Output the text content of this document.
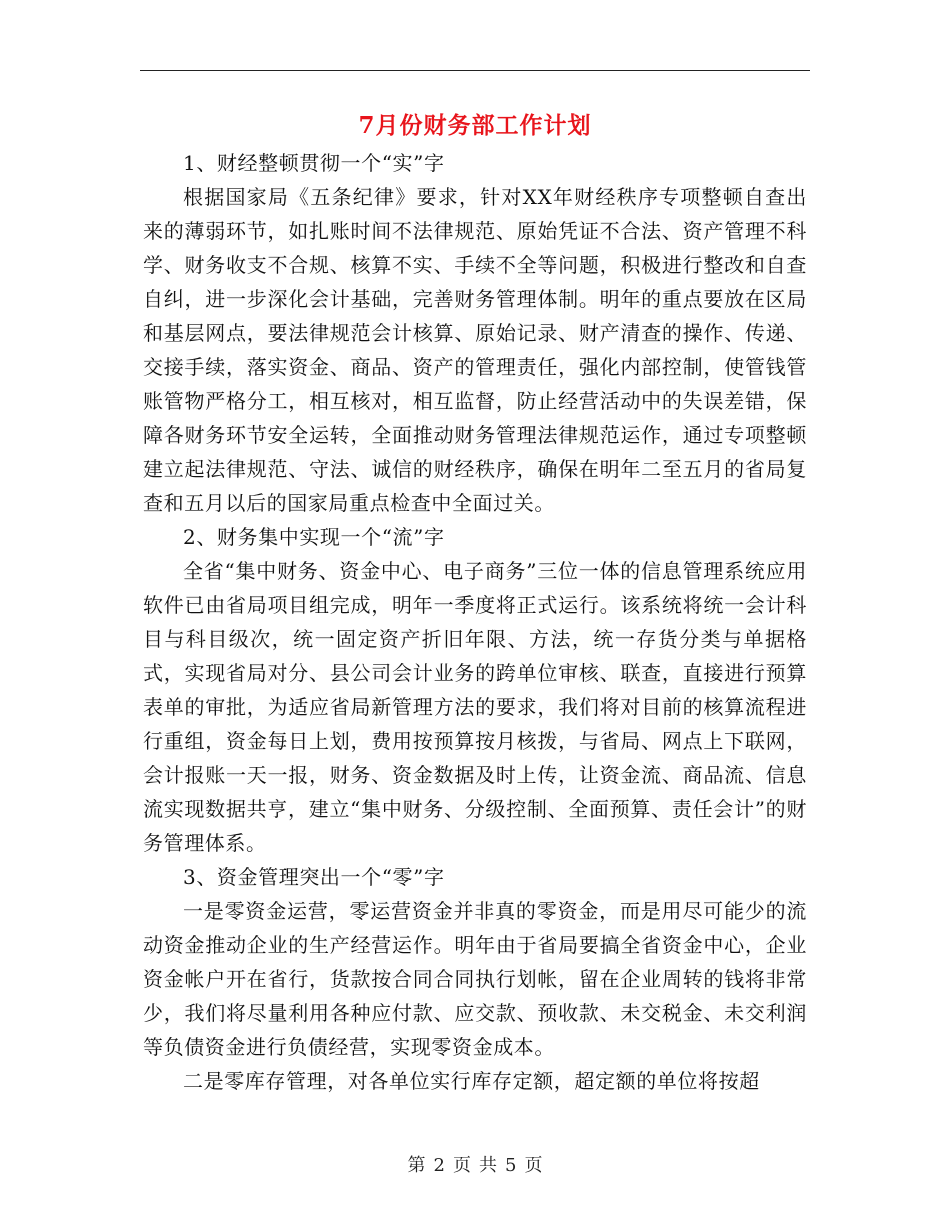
7月份财务部工作计划

1、财经整顿贯彻一个“实”字

根据国家局《五条纪律》要求，针对XX年财经秩序专项整顿自查出来的薄弱环节，如扎账时间不法律规范、原始凭证不合法、资产管理不科学、财务收支不合规、核算不实、手续不全等问题，积极进行整改和自查自纠，进一步深化会计基础，完善财务管理体制。明年的重点要放在区局和基层网点，要法律规范会计核算、原始记录、财产清查的操作、传递、交接手续，落实资金、商品、资产的管理责任，强化内部控制，使管钱管账管物严格分工，相互核对，相互监督，防止经营活动中的失误差错，保障各财务环节安全运转，全面推动财务管理法律规范运作，通过专项整顿建立起法律规范、守法、诚信的财经秩序，确保在明年二至五月的省局复查和五月以后的国家局重点检查中全面过关。

2、财务集中实现一个“流”字

全省“集中财务、资金中心、电子商务”三位一体的信息管理系统应用软件已由省局项目组完成，明年一季度将正式运行。该系统将统一会计科目与科目级次，统一固定资产折旧年限、方法，统一存货分类与单据格式，实现省局对分、县公司会计业务的跨单位审核、联查，直接进行预算表单的审批，为适应省局新管理方法的要求，我们将对目前的核算流程进行重组，资金每日上划，费用按预算按月核拨，与省局、网点上下联网，会计报账一天一报，财务、资金数据及时上传，让资金流、商品流、信息流实现数据共亨，建立“集中财务、分级控制、全面预算、责任会计”的财务管理体系。

3、资金管理突出一个“零”字

一是零资金运营，零运营资金并非真的零资金，而是用尽可能少的流动资金推动企业的生产经营运作。明年由于省局要搞全省资金中心，企业资金帐户开在省行，货款按合同合同执行划帐，留在企业周转的钱将非常少，我们将尽量利用各种应付款、应交款、预收款、未交税金、未交利润等负债资金进行负债经营，实现零资金成本。

二是零库存管理，对各单位实行库存定额，超定额的单位将按超

第 2 页 共 5 页
